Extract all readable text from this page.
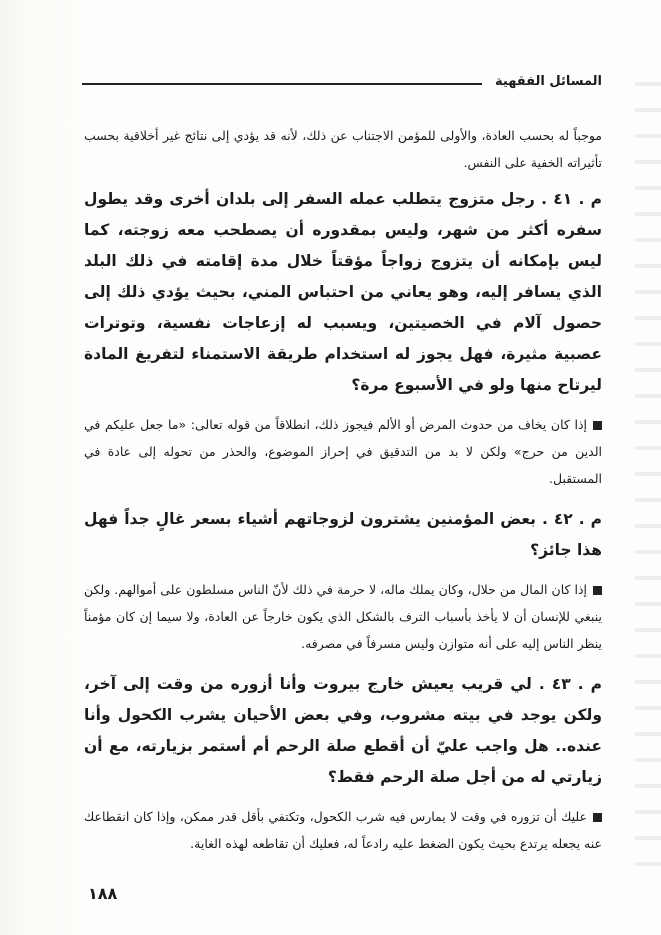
المسائل الفقهية

موجباً له بحسب العادة، والأولى للمؤمن الاجتناب عن ذلك، لأنه قد يؤدي إلى نتائج غير أخلاقية بحسب تأثيراته الخفية على النفس.

م . ٤١ . رجل متزوج يتطلب عمله السفر إلى بلدان أخرى وقد يطول سفره أكثر من شهر، وليس بمقدوره أن يصطحب معه زوجته، كما ليس بإمكانه أن يتزوج زواجاً مؤقتاً خلال مدة إقامته في ذلك البلد الذي يسافر إليه، وهو يعاني من احتباس المني، بحيث يؤدي ذلك إلى حصول آلام في الخصيتين، ويسبب له إزعاجات نفسية، وتوترات عصبية مثيرة، فهل يجوز له استخدام طريقة الاستمناء لتفريغ المادة ليرتاح منها ولو في الأسبوع مرة؟

إذا كان يخاف من حدوث المرض أو الألم فيجوز ذلك، انطلاقاً من قوله تعالى: «ما جعل عليكم في الدين من حرج» ولكن لا بد من التدقيق في إحراز الموضوع، والحذر من تحوله إلى عادة في المستقبل.

م . ٤٢ . بعض المؤمنين يشترون لزوجاتهم أشياء بسعر غالٍ جداً فهل هذا جائز؟

إذا كان المال من حلال، وكان يملك ماله، لا حرمة في ذلك لأنّ الناس مسلطون على أموالهم. ولكن ينبغي للإنسان أن لا يأخذ بأسباب الترف بالشكل الذي يكون خارجاً عن العادة، ولا سيما إن كان مؤمناً ينظر الناس إليه على أنه متوازن وليس مسرفاً في مصرفه.

م . ٤٣ . لي قريب يعيش خارج بيروت وأنا أزوره من وقت إلى آخر، ولكن يوجد في بيته مشروب، وفي بعض الأحيان يشرب الكحول وأنا عنده.. هل واجب عليّ أن أقطع صلة الرحم أم أستمر بزيارته، مع أن زيارتي له من أجل صلة الرحم فقط؟

عليك أن تزوره في وقت لا يمارس فيه شرب الكحول، وتكتفي بأقل قدر ممكن، وإذا كان انقطاعك عنه يجعله يرتدع بحيث يكون الضغط عليه رادعاً له، فعليك أن تقاطعه لهذه الغاية.

١٨٨
